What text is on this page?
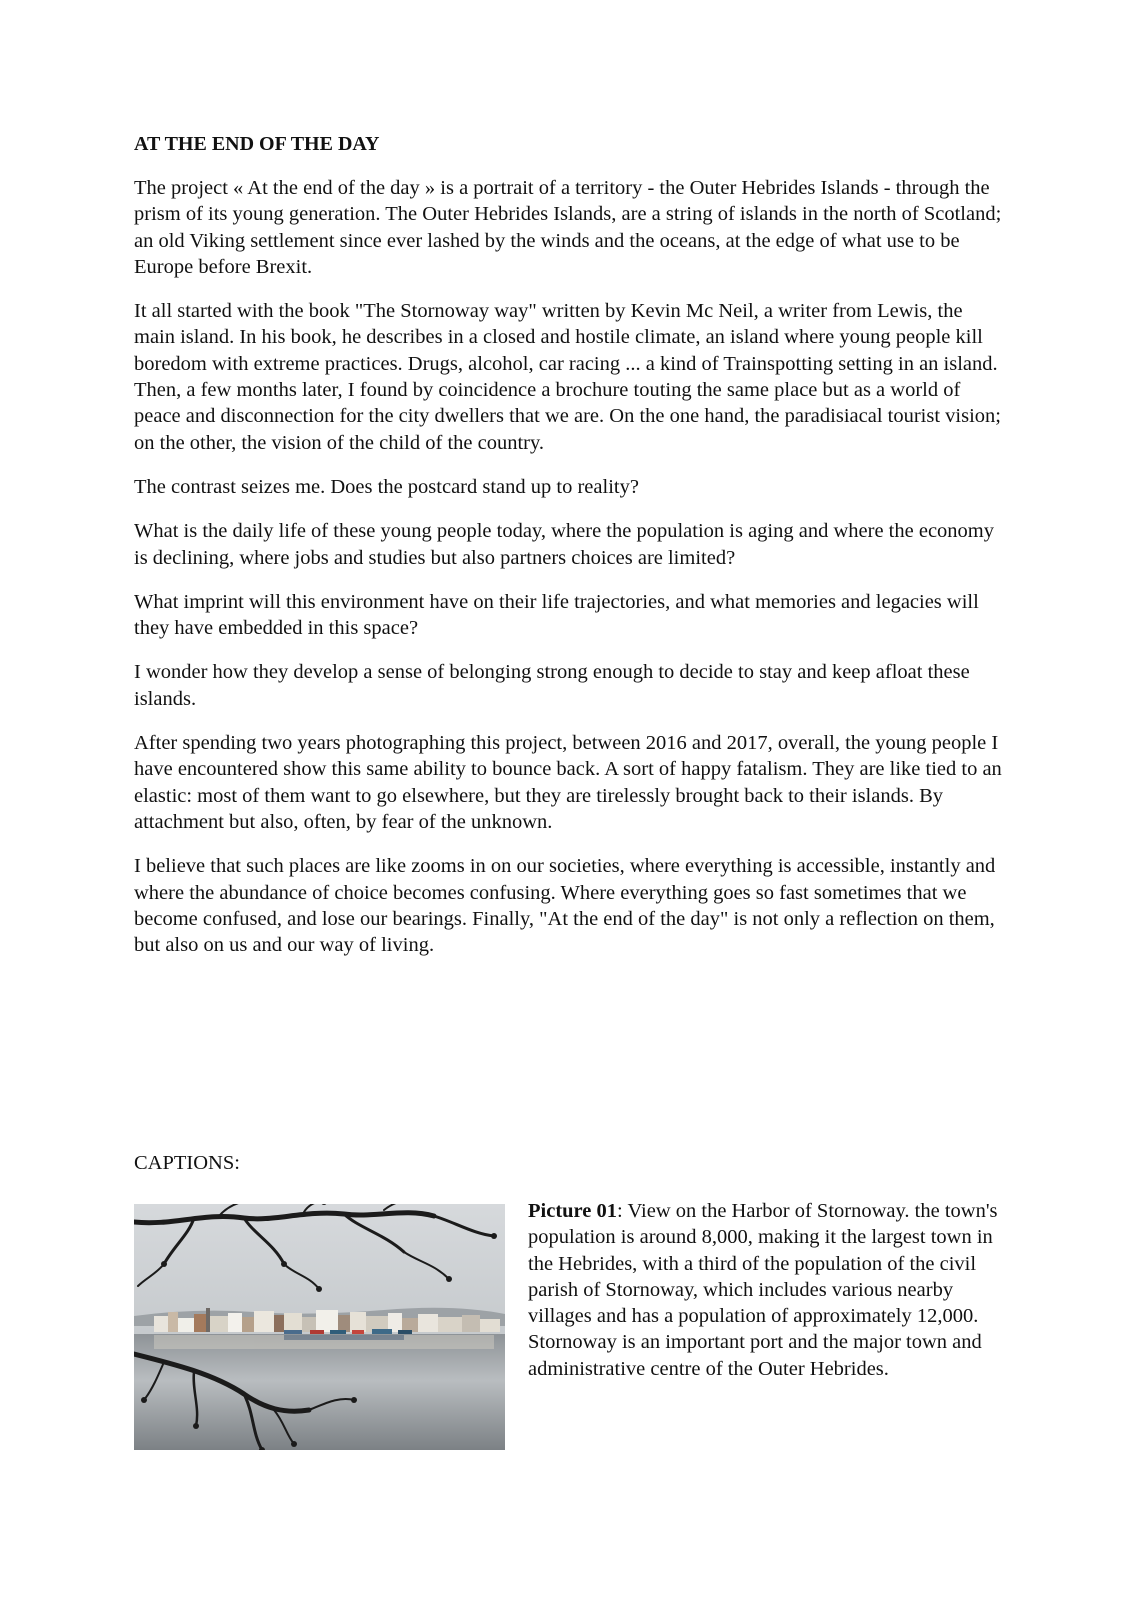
AT THE END OF THE DAY

The project « At the end of the day » is a portrait of a territory - the Outer Hebrides Islands - through the prism of its young generation. The Outer Hebrides Islands, are a string of islands in the north of Scotland; an old Viking settlement since ever lashed by the winds and the oceans, at the edge of what use to be Europe before Brexit.

It all started with the book "The Stornoway way" written by Kevin Mc Neil, a writer from Lewis, the main island. In his book, he describes in a closed and hostile climate, an island where young people kill boredom with extreme practices. Drugs, alcohol, car racing ... a kind of Trainspotting setting in an island. Then, a few months later, I found by coincidence a brochure touting the same place but as a world of peace and disconnection for the city dwellers that we are. On the one hand, the paradisiacal tourist vision; on the other, the vision of the child of the country.

The contrast seizes me. Does the postcard stand up to reality?

What is the daily life of these young people today, where the population is aging and where the economy is declining, where jobs and studies but also partners choices are limited?

What imprint will this environment have on their life trajectories, and what memories and legacies will they have embedded in this space?

I wonder how they develop a sense of belonging strong enough to decide to stay and keep afloat these islands.

After spending two years photographing this project, between 2016 and 2017, overall, the young people I have encountered show this same ability to bounce back. A sort of happy fatalism. They are like tied to an elastic: most of them want to go elsewhere, but they are tirelessly brought back to their islands. By attachment but also, often, by fear of the unknown.

I believe that such places are like zooms in on our societies, where everything is accessible, instantly and where the abundance of choice becomes confusing. Where everything goes so fast sometimes that we become confused, and lose our bearings. Finally, "At the end of the day" is not only a reflection on them, but also on us and our way of living.

CAPTIONS:
Picture 01: View on the Harbor of Stornoway. the town's population is around 8,000, making it the largest town in the Hebrides, with a third of the population of the civil parish of Stornoway, which includes various nearby villages and has a population of approximately 12,000. Stornoway is an important port and the major town and administrative centre of the Outer Hebrides.
